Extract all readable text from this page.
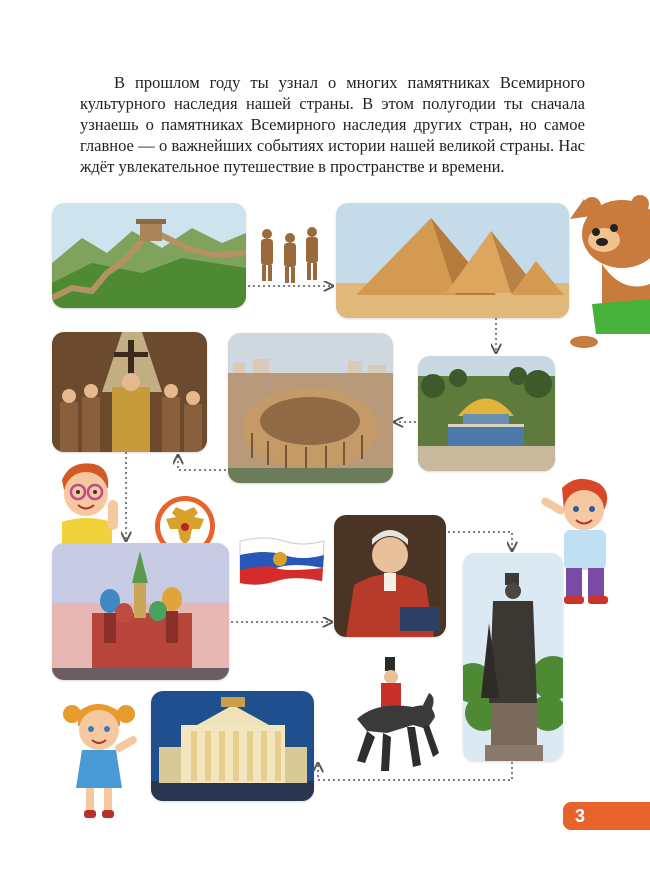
В прошлом году ты узнал о многих памятниках Всемирного культурного наследия нашей страны. В этом полугодии ты сначала узнаешь о памятниках Всемирного наследия других стран, но самое главное — о важнейших событиях истории нашей великой страны. Нас ждёт увлекательное путешествие в пространстве и времени.

3
